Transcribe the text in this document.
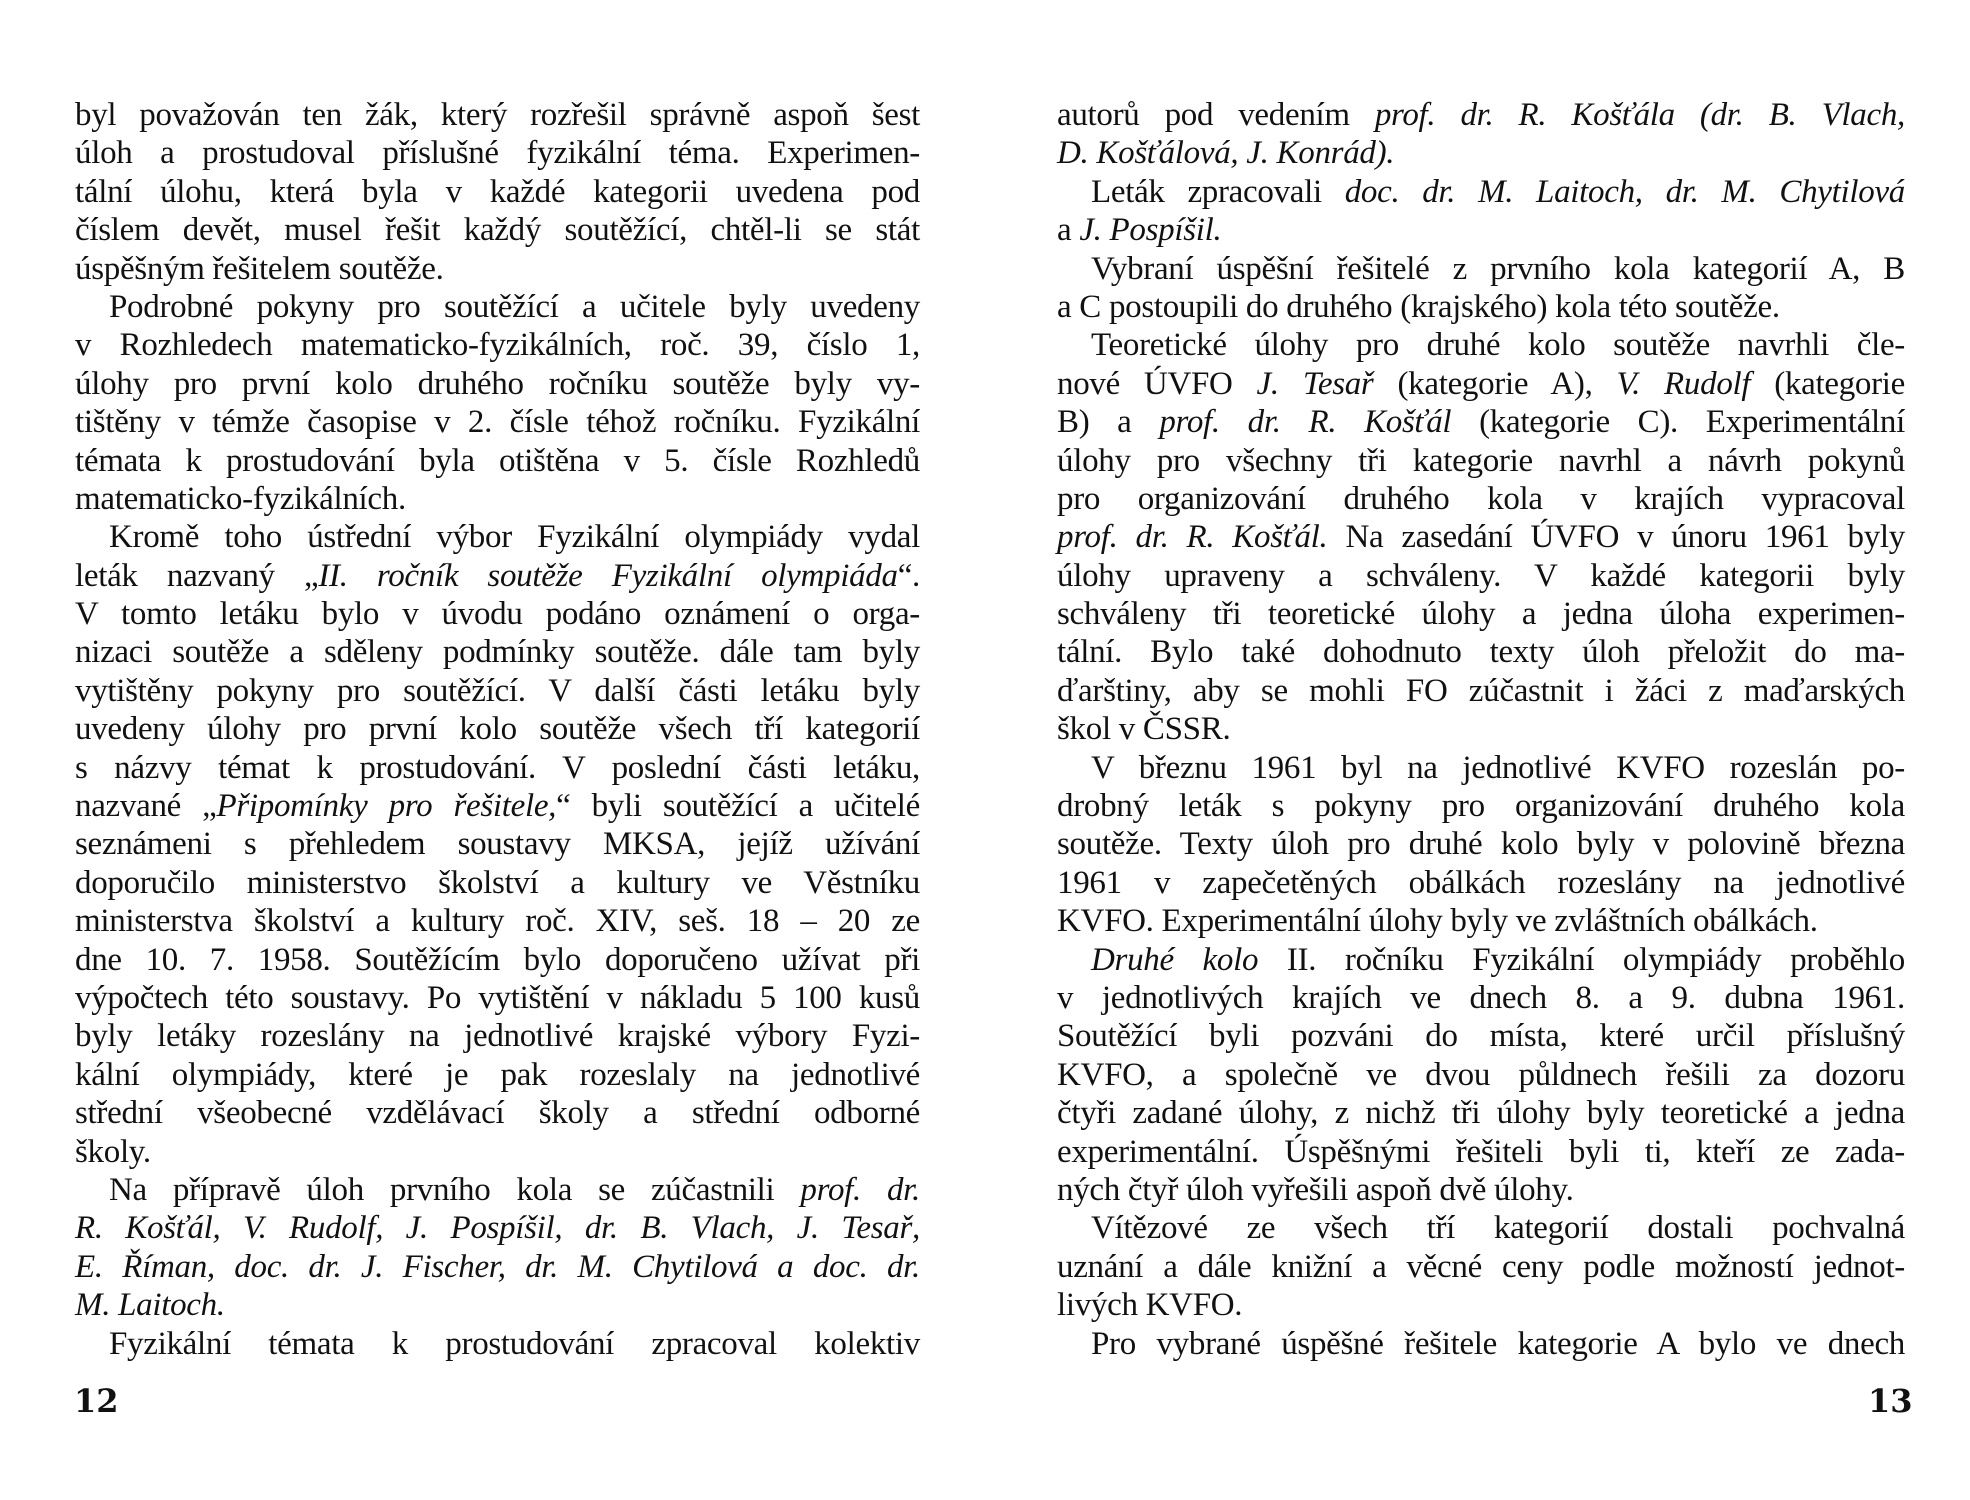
byl považován ten žák, který rozřešil správně aspoň šest
úloh a prostudoval příslušné fyzikální téma. Experimen-
tální úlohu, která byla v každé kategorii uvedena pod
číslem devět, musel řešit každý soutěžící, chtěl-li se stát
úspěšným řešitelem soutěže.
Podrobné pokyny pro soutěžící a učitele byly uvedeny
v Rozhledech matematicko-fyzikálních, roč. 39, číslo 1,
úlohy pro první kolo druhého ročníku soutěže byly vy-
tištěny v témže časopise v 2. čísle téhož ročníku. Fyzikální
témata k prostudování byla otištěna v 5. čísle Rozhledů
matematicko-fyzikálních.
Kromě toho ústřední výbor Fyzikální olympiády vydal
leták nazvaný „II. ročník soutěže Fyzikální olympiáda“.
V tomto letáku bylo v úvodu podáno oznámení o orga-
nizaci soutěže a sděleny podmínky soutěže. dále tam byly
vytištěny pokyny pro soutěžící. V další části letáku byly
uvedeny úlohy pro první kolo soutěže všech tří kategorií
s názvy témat k prostudování. V poslední části letáku,
nazvané „Připomínky pro řešitele,“ byli soutěžící a učitelé
seznámeni s přehledem soustavy MKSA, jejíž užívání
doporučilo ministerstvo školství a kultury ve Věstníku
ministerstva školství a kultury roč. XIV, seš. 18 – 20 ze
dne 10. 7. 1958. Soutěžícím bylo doporučeno užívat při
výpočtech této soustavy. Po vytištění v nákladu 5 100 kusů
byly letáky rozeslány na jednotlivé krajské výbory Fyzi-
kální olympiády, které je pak rozeslaly na jednotlivé
střední všeobecné vzdělávací školy a střední odborné
školy.
Na přípravě úloh prvního kola se zúčastnili prof. dr.
R. Košťál, V. Rudolf, J. Pospíšil, dr. B. Vlach, J. Tesař,
E. Říman, doc. dr. J. Fischer, dr. M. Chytilová a doc. dr.
M. Laitoch.
Fyzikální témata k prostudování zpracoval kolektiv
12
autorů pod vedením prof. dr. R. Košťála (dr. B. Vlach,
D. Košťálová, J. Konrád).
Leták zpracovali doc. dr. M. Laitoch, dr. M. Chytilová
a J. Pospíšil.
Vybraní úspěšní řešitelé z prvního kola kategorií A, B
a C postoupili do druhého (krajského) kola této soutěže.
Teoretické úlohy pro druhé kolo soutěže navrhli čle-
nové ÚVFO J. Tesař (kategorie A), V. Rudolf (kategorie
B) a prof. dr. R. Košťál (kategorie C). Experimentální
úlohy pro všechny tři kategorie navrhl a návrh pokynů
pro organizování druhého kola v krajích vypracoval
prof. dr. R. Košťál. Na zasedání ÚVFO v únoru 1961 byly
úlohy upraveny a schváleny. V každé kategorii byly
schváleny tři teoretické úlohy a jedna úloha experimen-
tální. Bylo také dohodnuto texty úloh přeložit do ma-
ďarštiny, aby se mohli FO zúčastnit i žáci z maďarských
škol v ČSSR.
V březnu 1961 byl na jednotlivé KVFO rozeslán po-
drobný leták s pokyny pro organizování druhého kola
soutěže. Texty úloh pro druhé kolo byly v polovině března
1961 v zapečetěných obálkách rozeslány na jednotlivé
KVFO. Experimentální úlohy byly ve zvláštních obálkách.
Druhé kolo II. ročníku Fyzikální olympiády proběhlo
v jednotlivých krajích ve dnech 8. a 9. dubna 1961.
Soutěžící byli pozváni do místa, které určil příslušný
KVFO, a společně ve dvou půldnech řešili za dozoru
čtyři zadané úlohy, z nichž tři úlohy byly teoretické a jedna
experimentální. Úspěšnými řešiteli byli ti, kteří ze zada-
ných čtyř úloh vyřešili aspoň dvě úlohy.
Vítězové ze všech tří kategorií dostali pochvalná
uznání a dále knižní a věcné ceny podle možností jednot-
livých KVFO.
Pro vybrané úspěšné řešitele kategorie A bylo ve dnech
13
